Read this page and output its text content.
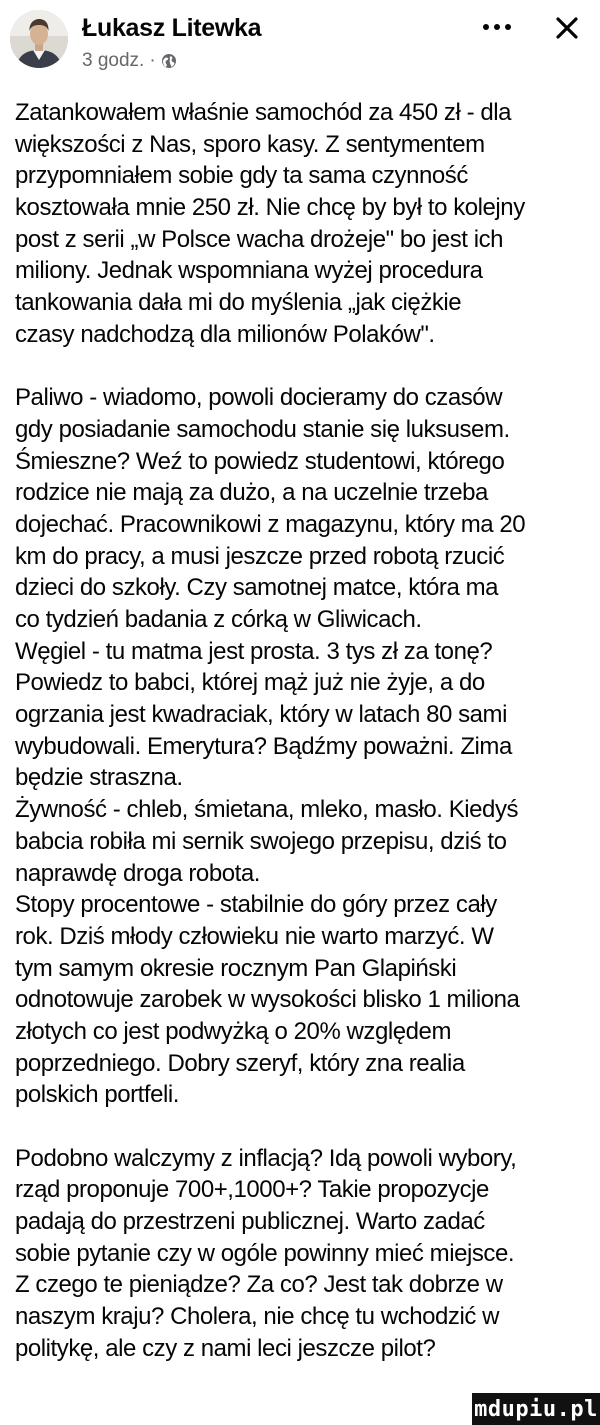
Łukasz Litewka
3 godz. ·
Zatankowałem właśnie samochód za 450 zł - dla
większości z Nas, sporo kasy. Z sentymentem
przypomniałem sobie gdy ta sama czynność
kosztowała mnie 250 zł. Nie chcę by był to kolejny
post z serii „w Polsce wacha drożeje" bo jest ich
miliony. Jednak wspomniana wyżej procedura
tankowania dała mi do myślenia „jak ciężkie
czasy nadchodzą dla milionów Polaków".
Paliwo - wiadomo, powoli docieramy do czasów
gdy posiadanie samochodu stanie się luksusem.
Śmieszne? Weź to powiedz studentowi, którego
rodzice nie mają za dużo, a na uczelnie trzeba
dojechać. Pracownikowi z magazynu, który ma 20
km do pracy, a musi jeszcze przed robotą rzucić
dzieci do szkoły. Czy samotnej matce, która ma
co tydzień badania z córką w Gliwicach.
Węgiel - tu matma jest prosta. 3 tys zł za tonę?
Powiedz to babci, której mąż już nie żyje, a do
ogrzania jest kwadraciak, który w latach 80 sami
wybudowali. Emerytura? Bądźmy poważni. Zima
będzie straszna.
Żywność - chleb, śmietana, mleko, masło. Kiedyś
babcia robiła mi sernik swojego przepisu, dziś to
naprawdę droga robota.
Stopy procentowe - stabilnie do góry przez cały
rok. Dziś młody człowieku nie warto marzyć. W
tym samym okresie rocznym Pan Glapiński
odnotowuje zarobek w wysokości blisko 1 miliona
złotych co jest podwyżką o 20% względem
poprzedniego. Dobry szeryf, który zna realia
polskich portfeli.
Podobno walczymy z inflacją? Idą powoli wybory,
rząd proponuje 700+,1000+? Takie propozycje
padają do przestrzeni publicznej. Warto zadać
sobie pytanie czy w ogóle powinny mieć miejsce.
Z czego te pieniądze? Za co? Jest tak dobrze w
naszym kraju? Cholera, nie chcę tu wchodzić w
politykę, ale czy z nami leci jeszcze pilot?
mdupiu.pl
